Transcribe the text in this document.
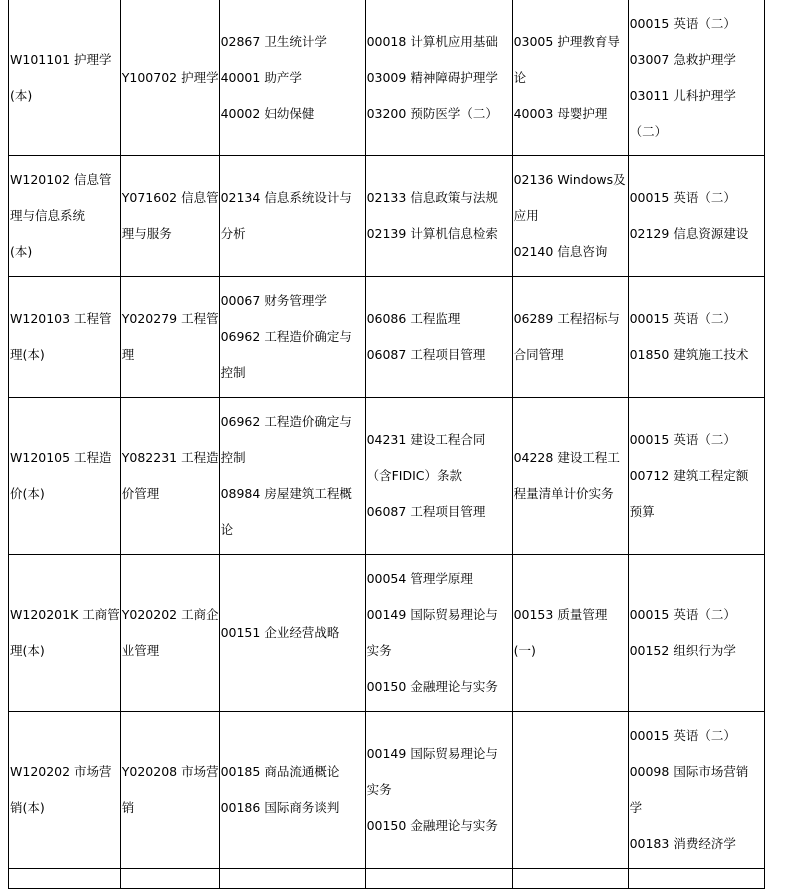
W101101 护理学
(本)	Y100702 护理学	02867 卫生统计学
40001 助产学
40002 妇幼保健	00018 计算机应用基础
03009 精神障碍护理学
03200 预防医学（二）	03005 护理教育导
论
40003 母婴护理	00015 英语（二）
03007 急救护理学
03011 儿科护理学
（二）

W120102 信息管
理与信息系统
(本)	Y071602 信息管
理与服务	02134 信息系统设计与
分析	02133 信息政策与法规
02139 计算机信息检索	02136 Windows及
应用
02140 信息咨询	00015 英语（二）
02129 信息资源建设

W120103 工程管
理(本)	Y020279 工程管
理	00067 财务管理学
06962 工程造价确定与
控制	06086 工程监理
06087 工程项目管理	06289 工程招标与
合同管理	00015 英语（二）
01850 建筑施工技术

W120105 工程造
价(本)	Y082231 工程造
价管理	06962 工程造价确定与
控制
08984 房屋建筑工程概
论	04231 建设工程合同
（含FIDIC）条款
06087 工程项目管理	04228 建设工程工
程量清单计价实务	00015 英语（二）
00712 建筑工程定额
预算

W120201K 工商管
理(本)	Y020202 工商企
业管理	00151 企业经营战略	00054 管理学原理
00149 国际贸易理论与
实务
00150 金融理论与实务	00153 质量管理
(一)	00015 英语（二）
00152 组织行为学

W120202 市场营
销(本)	Y020208 市场营
销	00185 商品流通概论
00186 国际商务谈判	00149 国际贸易理论与
实务
00150 金融理论与实务		00015 英语（二）
00098 国际市场营销
学
00183 消费经济学
